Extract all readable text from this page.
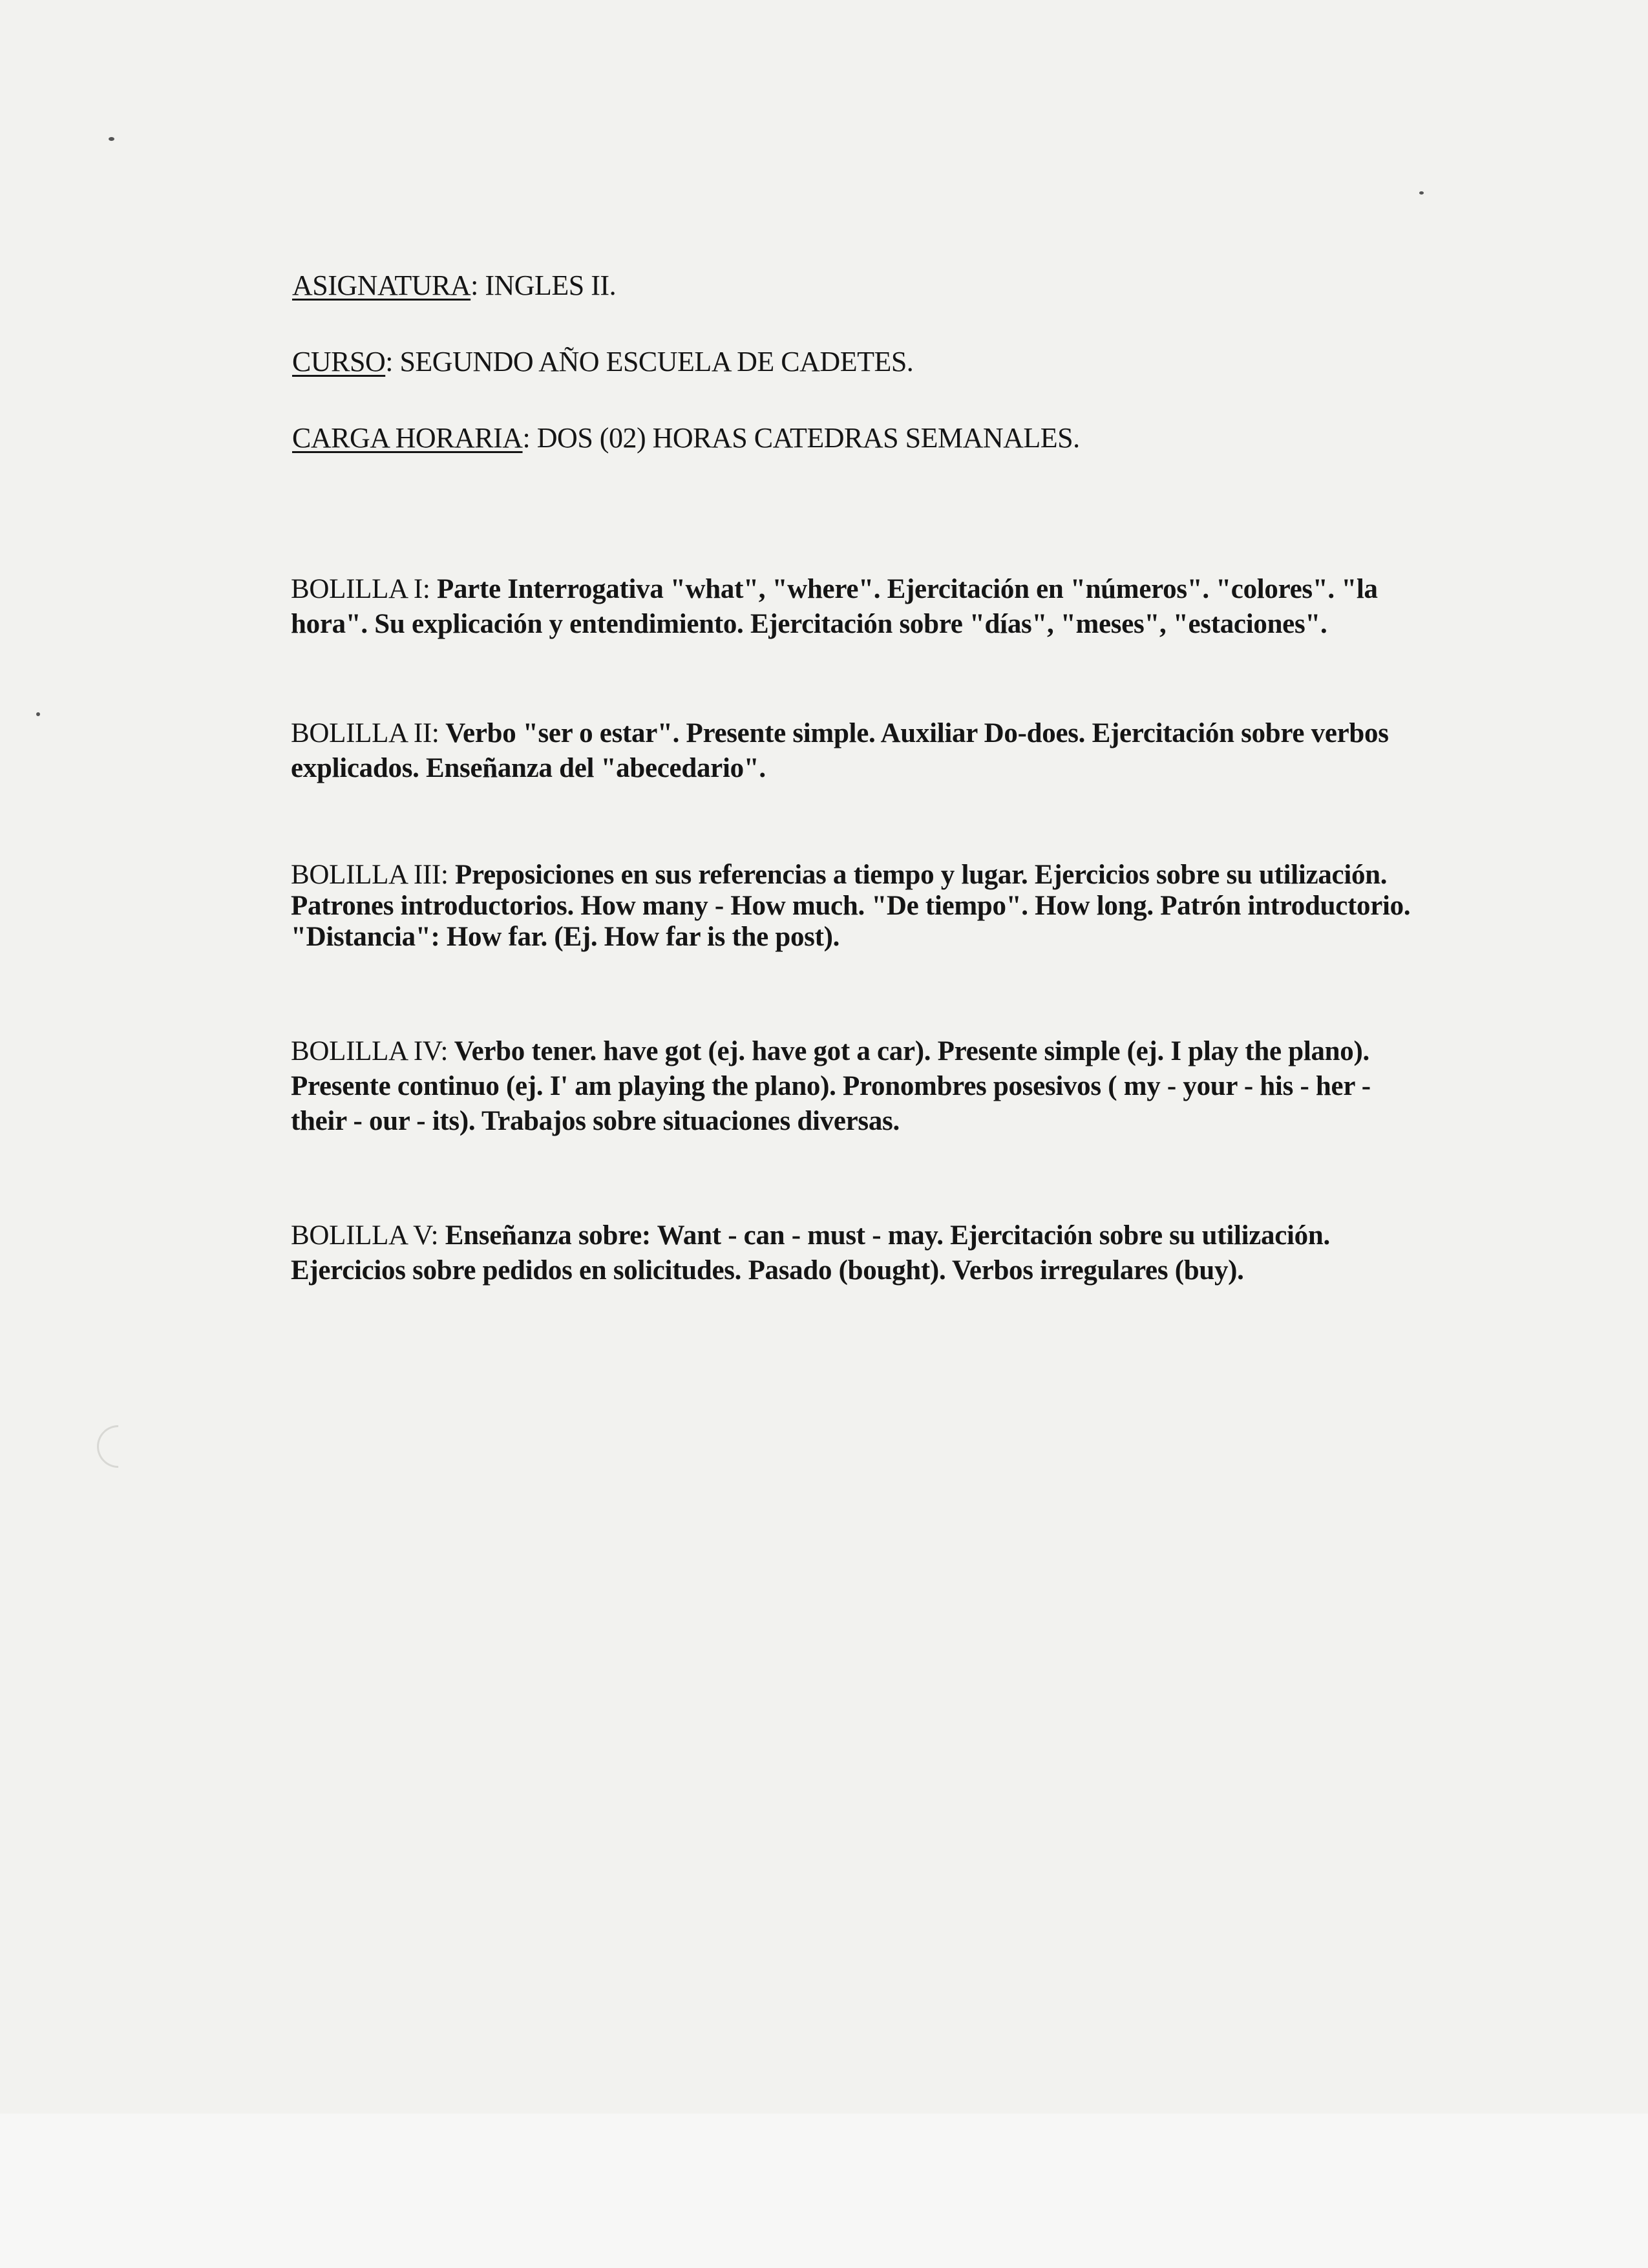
ASIGNATURA: INGLES II.
CURSO: SEGUNDO AÑO ESCUELA DE CADETES.
CARGA HORARIA: DOS (02) HORAS CATEDRAS SEMANALES.

BOLILLA I: Parte Interrogativa "what", "where". Ejercitación en "números". "colores". "la

hora". Su explicación y entendimiento. Ejercitación sobre "días", "meses", "estaciones".

BOLILLA II: Verbo "ser o estar". Presente simple. Auxiliar Do-does. Ejercitación sobre verbos

explicados. Enseñanza del "abecedario".

BOLILLA III: Preposiciones en sus referencias a tiempo y lugar. Ejercicios sobre su utilización.

Patrones introductorios. How many - How much. "De tiempo". How long. Patrón introductorio.

"Distancia": How far. (Ej. How far is the post).

BOLILLA IV: Verbo tener. have got (ej. have got a car). Presente simple (ej. I play the plano).

Presente continuo (ej. I' am playing the plano). Pronombres posesivos ( my - your - his - her -

their - our - its). Trabajos sobre situaciones diversas.

BOLILLA V: Enseñanza sobre: Want - can - must - may. Ejercitación sobre su utilización.

Ejercicios sobre pedidos en solicitudes. Pasado (bought). Verbos irregulares (buy).
